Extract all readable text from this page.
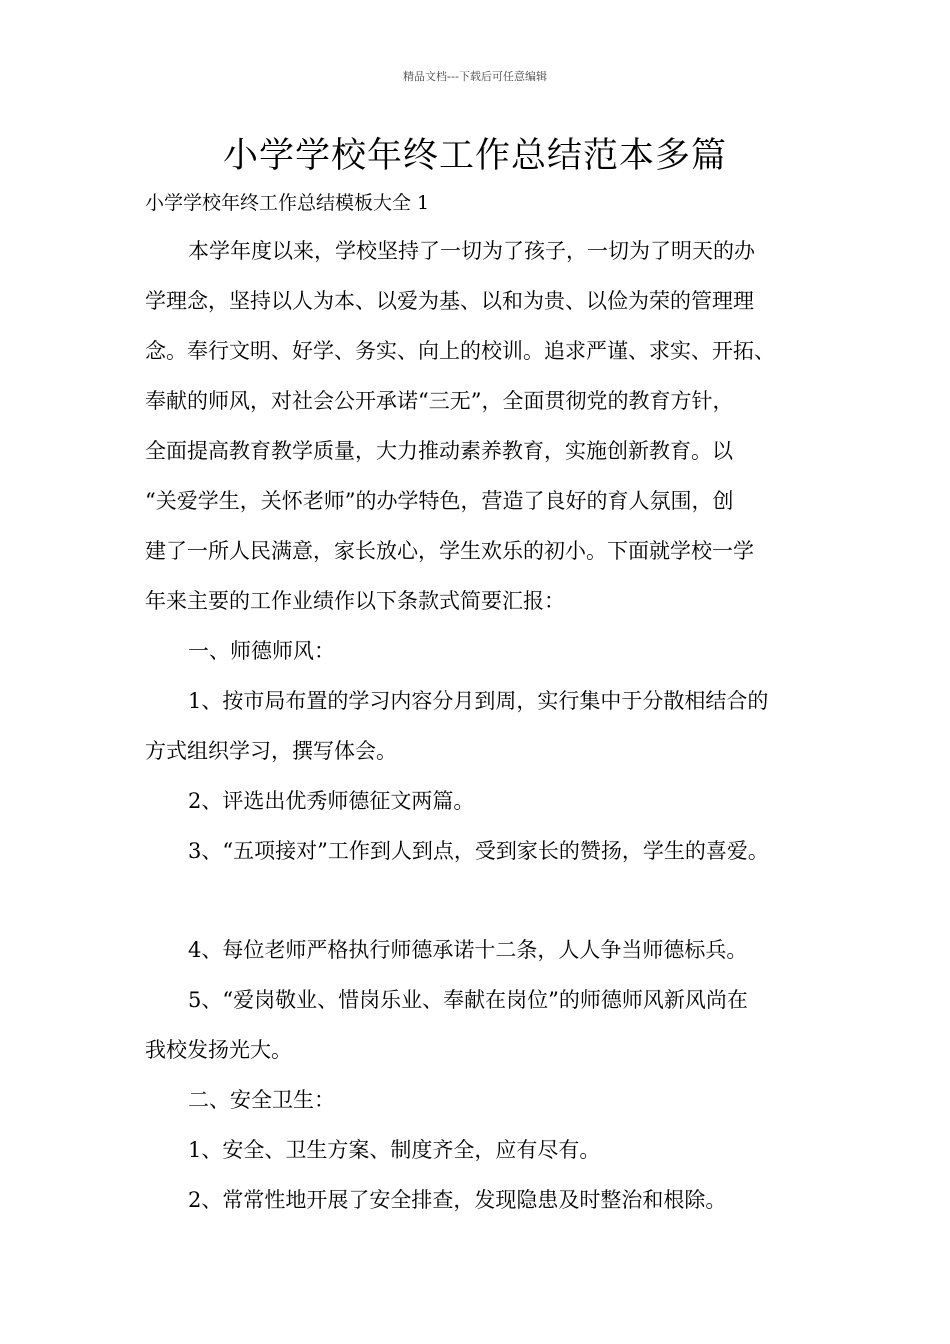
精品文档---下载后可任意编辑
小学学校年终工作总结范本多篇
小学学校年终工作总结模板大全 1
本学年度以来，学校坚持了一切为了孩子，一切为了明天的办
学理念，坚持以人为本、以爱为基、以和为贵、以俭为荣的管理理
念。奉行文明、好学、务实、向上的校训。追求严谨、求实、开拓、
奉献的师风，对社会公开承诺“三无”，全面贯彻党的教育方针，
全面提高教育教学质量，大力推动素养教育，实施创新教育。以
“关爱学生，关怀老师”的办学特色，营造了良好的育人氛围，创
建了一所人民满意，家长放心，学生欢乐的初小。下面就学校一学
年来主要的工作业绩作以下条款式简要汇报：
一、师德师风：
1、按市局布置的学习内容分月到周，实行集中于分散相结合的
方式组织学习，撰写体会。
2、评选出优秀师德征文两篇。
3、“五项接对”工作到人到点，受到家长的赞扬，学生的喜爱。
4、每位老师严格执行师德承诺十二条，人人争当师德标兵。
5、“爱岗敬业、惜岗乐业、奉献在岗位”的师德师风新风尚在
我校发扬光大。
二、安全卫生：
1、安全、卫生方案、制度齐全，应有尽有。
2、常常性地开展了安全排查，发现隐患及时整治和根除。
